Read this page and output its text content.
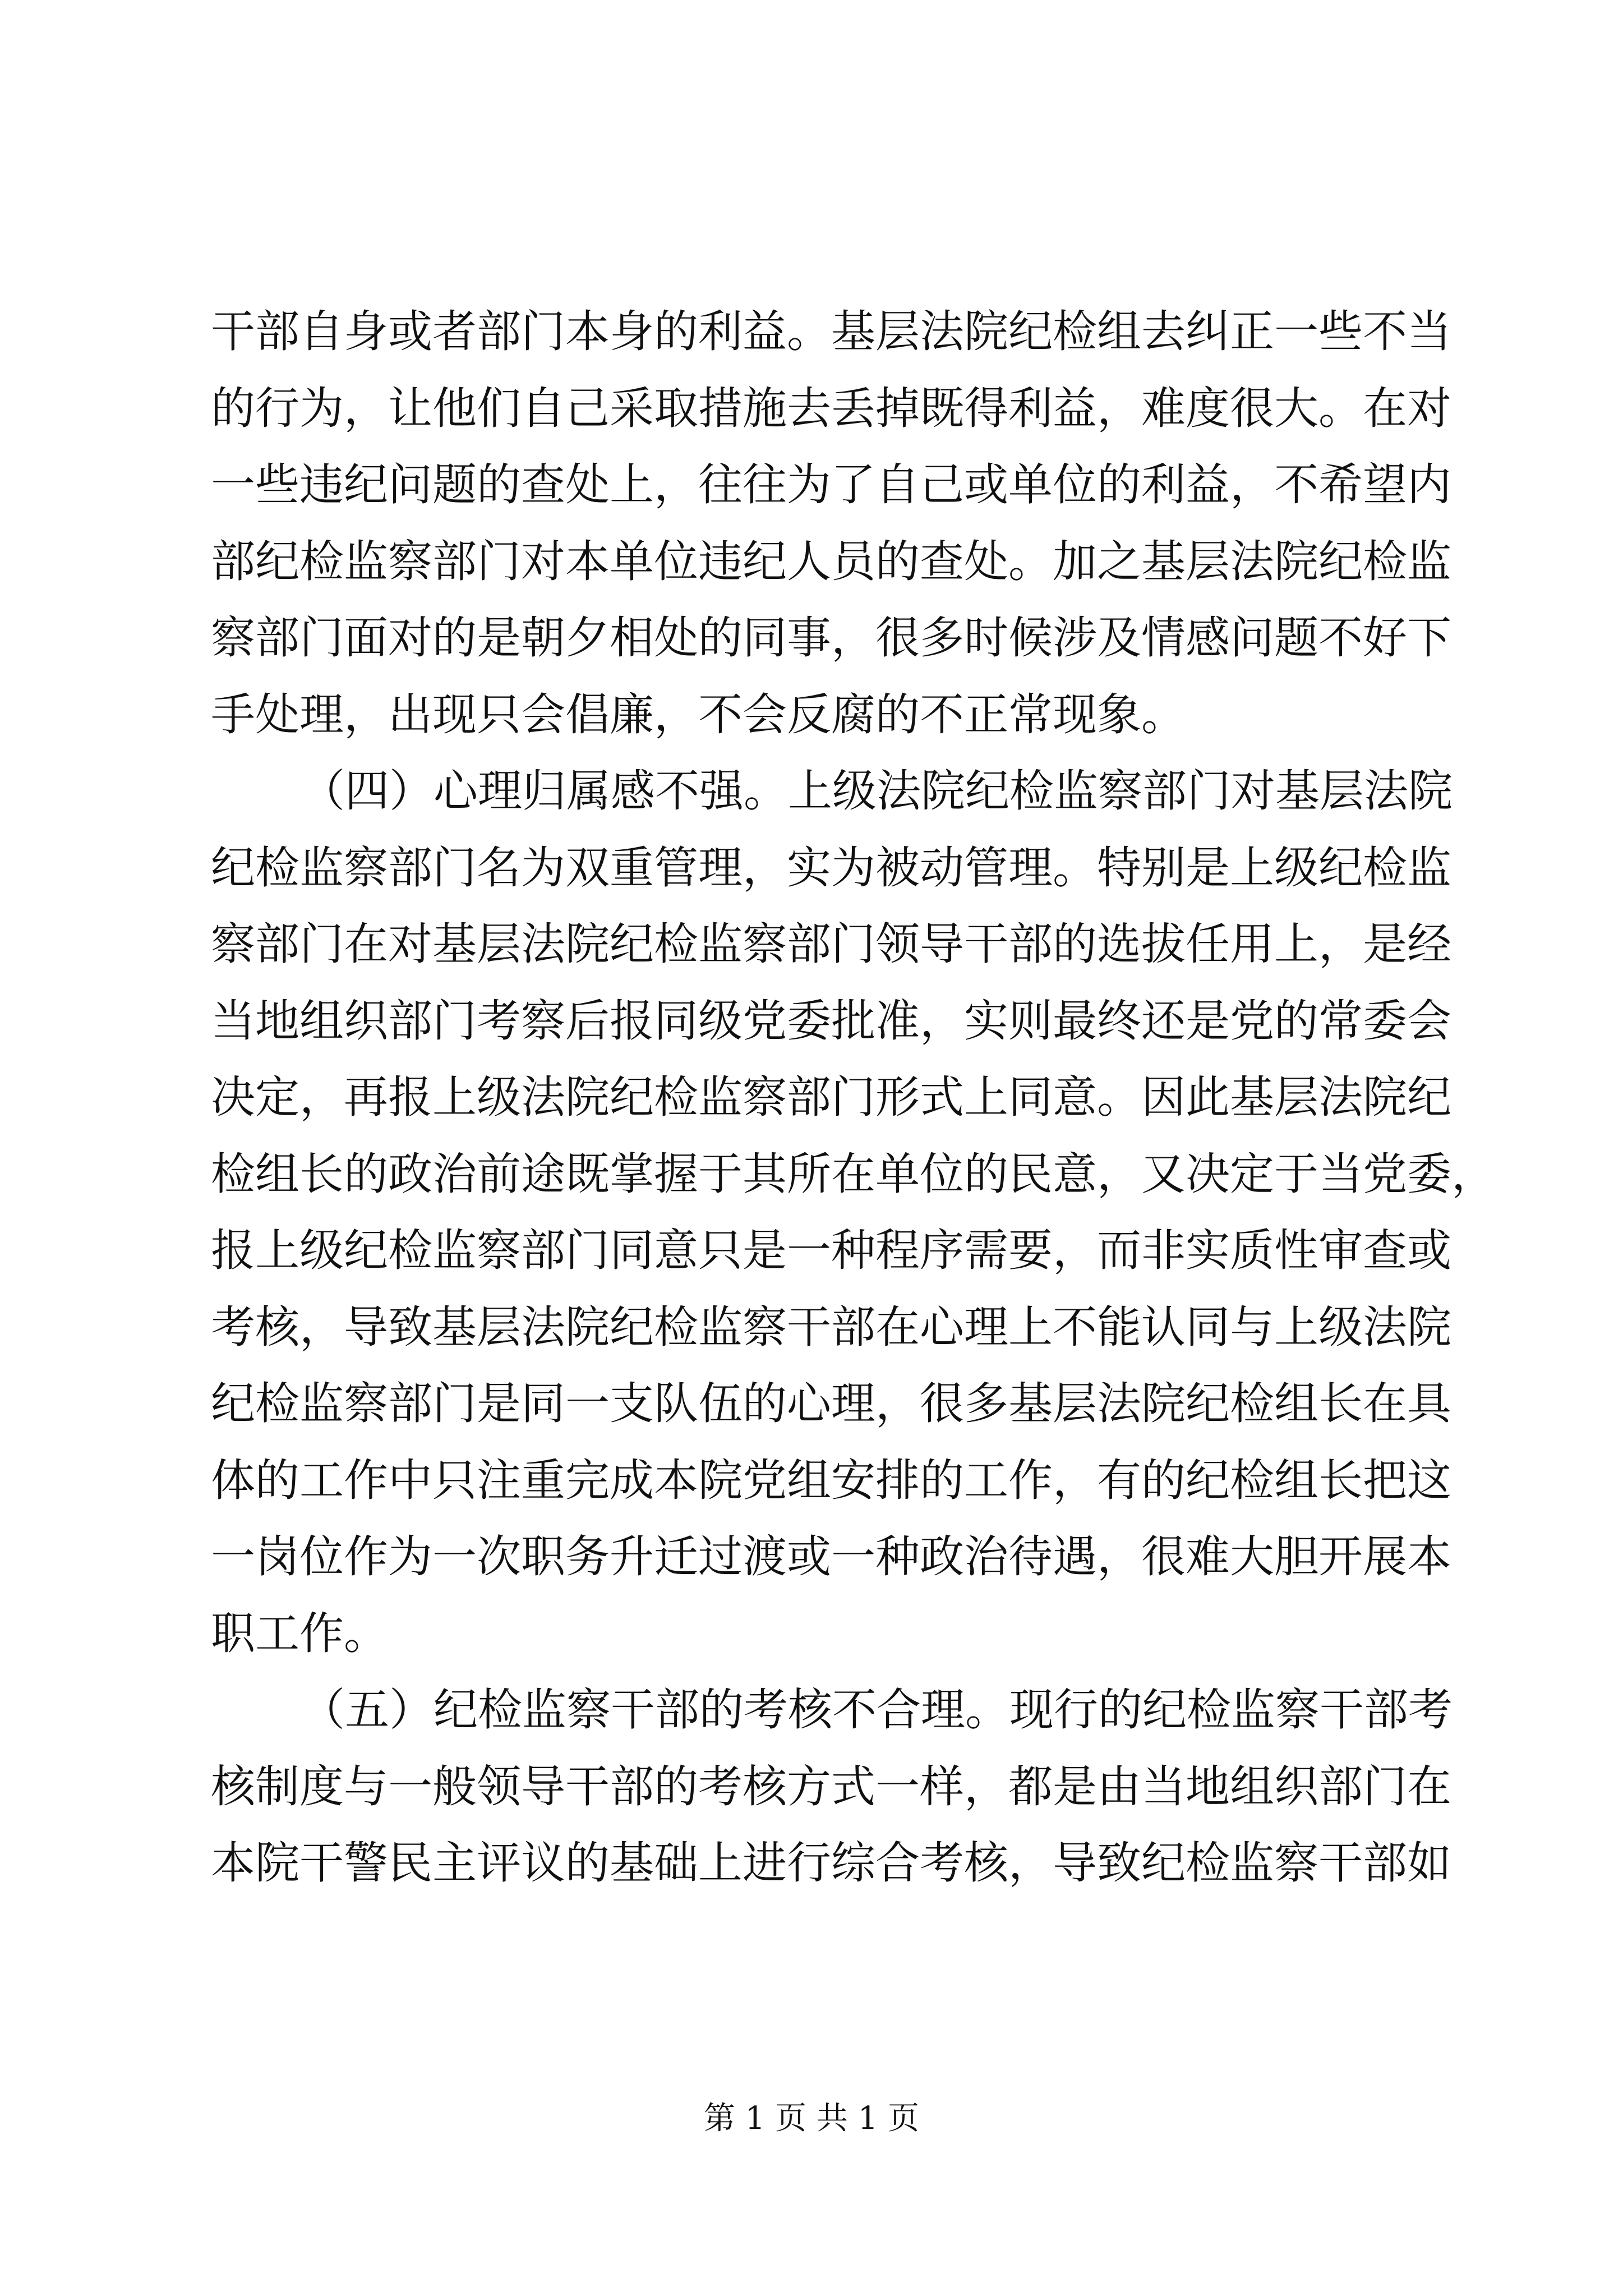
干部自身或者部门本身的利益。基层法院纪检组去纠正一些不当
的行为，让他们自己采取措施去丢掉既得利益，难度很大。在对
一些违纪问题的查处上，往往为了自己或单位的利益，不希望内
部纪检监察部门对本单位违纪人员的查处。加之基层法院纪检监
察部门面对的是朝夕相处的同事，很多时候涉及情感问题不好下
手处理，出现只会倡廉，不会反腐的不正常现象。
（四）心理归属感不强。上级法院纪检监察部门对基层法院
纪检监察部门名为双重管理，实为被动管理。特别是上级纪检监
察部门在对基层法院纪检监察部门领导干部的选拔任用上，是经
当地组织部门考察后报同级党委批准，实则最终还是党的常委会
决定，再报上级法院纪检监察部门形式上同意。因此基层法院纪
检组长的政治前途既掌握于其所在单位的民意，又决定于当党委，
报上级纪检监察部门同意只是一种程序需要，而非实质性审查或
考核，导致基层法院纪检监察干部在心理上不能认同与上级法院
纪检监察部门是同一支队伍的心理，很多基层法院纪检组长在具
体的工作中只注重完成本院党组安排的工作，有的纪检组长把这
一岗位作为一次职务升迁过渡或一种政治待遇，很难大胆开展本
职工作。
（五）纪检监察干部的考核不合理。现行的纪检监察干部考
核制度与一般领导干部的考核方式一样，都是由当地组织部门在
本院干警民主评议的基础上进行综合考核，导致纪检监察干部如
第 1 页 共 1 页
